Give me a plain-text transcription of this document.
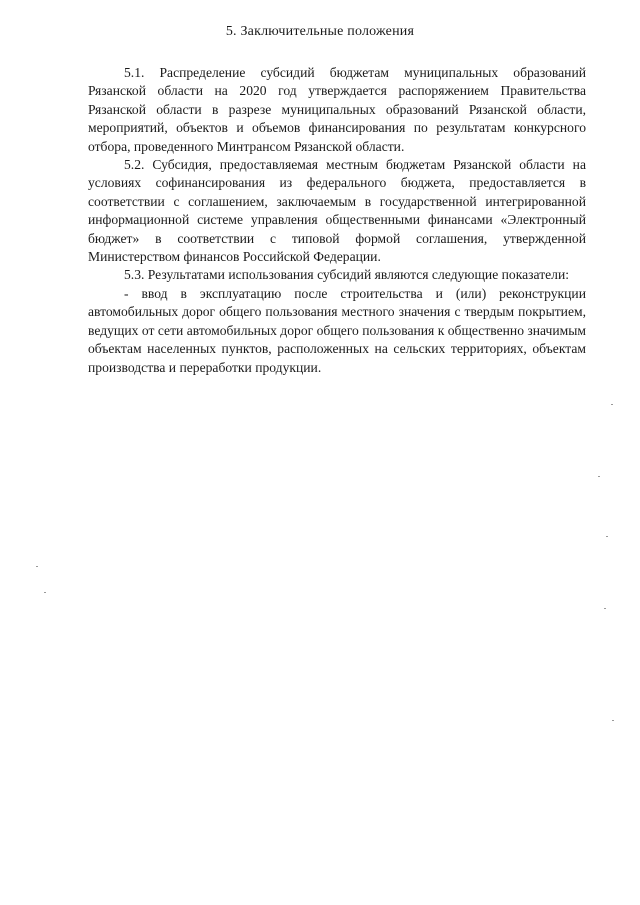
5. Заключительные положения

5.1. Распределение субсидий бюджетам муниципальных образований Рязанской области на 2020 год утверждается распоряжением Правительства Рязанской области в разрезе муниципальных образований Рязанской области, мероприятий, объектов и объемов финансирования по результатам конкурсного отбора, проведенного Минтрансом Рязанской области.

5.2. Субсидия, предоставляемая местным бюджетам Рязанской области на условиях софинансирования из федерального бюджета, предоставляется в соответствии с соглашением, заключаемым в государственной интегрированной информационной системе управления общественными финансами «Электронный бюджет» в соответствии с типовой формой соглашения, утвержденной Министерством финансов Российской Федерации.

5.3. Результатами использования субсидий являются следующие показатели:

- ввод в эксплуатацию после строительства и (или) реконструкции автомобильных дорог общего пользования местного значения с твердым покрытием, ведущих от сети автомобильных дорог общего пользования к общественно значимым объектам населенных пунктов, расположенных на сельских территориях, объектам производства и переработки продукции.
